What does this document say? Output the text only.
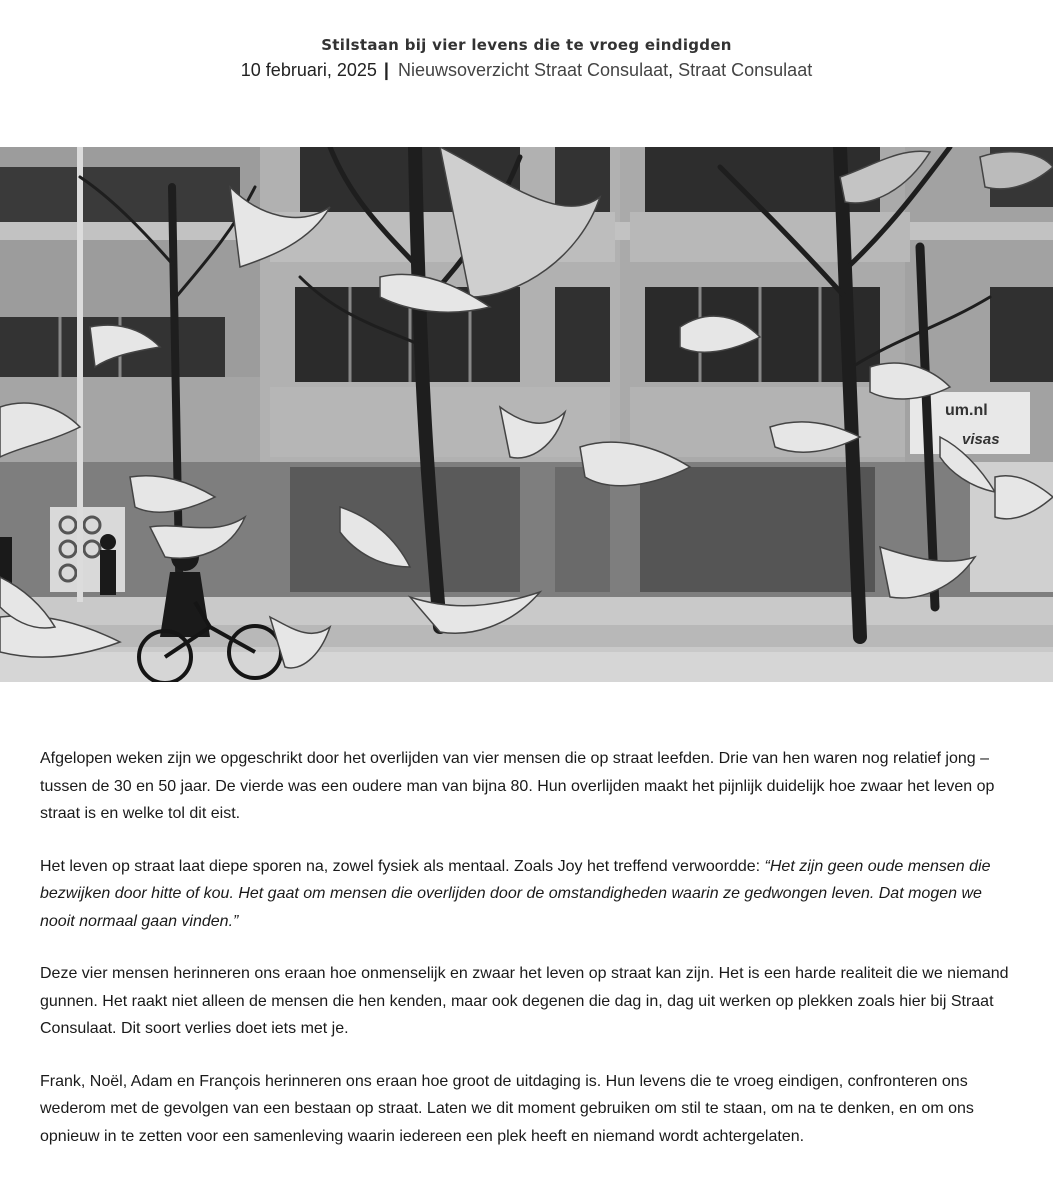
Stilstaan bij vier levens die te vroeg eindigden
10 februari, 2025 | Nieuwsoverzicht Straat Consulaat, Straat Consulaat
um.nl
visas

Afgelopen weken zijn we opgeschrikt door het overlijden van vier mensen die op straat leefden. Drie van hen waren nog relatief jong – tussen de 30 en 50 jaar. De vierde was een oudere man van bijna 80. Hun overlijden maakt het pijnlijk duidelijk hoe zwaar het leven op straat is en welke tol dit eist.

Het leven op straat laat diepe sporen na, zowel fysiek als mentaal. Zoals Joy het treffend verwoordde: “Het zijn geen oude mensen die bezwijken door hitte of kou. Het gaat om mensen die overlijden door de omstandigheden waarin ze gedwongen leven. Dat mogen we nooit normaal gaan vinden.”

Deze vier mensen herinneren ons eraan hoe onmenselijk en zwaar het leven op straat kan zijn. Het is een harde realiteit die we niemand gunnen. Het raakt niet alleen de mensen die hen kenden, maar ook degenen die dag in, dag uit werken op plekken zoals hier bij Straat Consulaat. Dit soort verlies doet iets met je.

Frank, Noël, Adam en François herinneren ons eraan hoe groot de uitdaging is. Hun levens die te vroeg eindigen, confronteren ons wederom met de gevolgen van een bestaan op straat. Laten we dit moment gebruiken om stil te staan, om na te denken, en om ons opnieuw in te zetten voor een samenleving waarin iedereen een plek heeft en niemand wordt achtergelaten.
